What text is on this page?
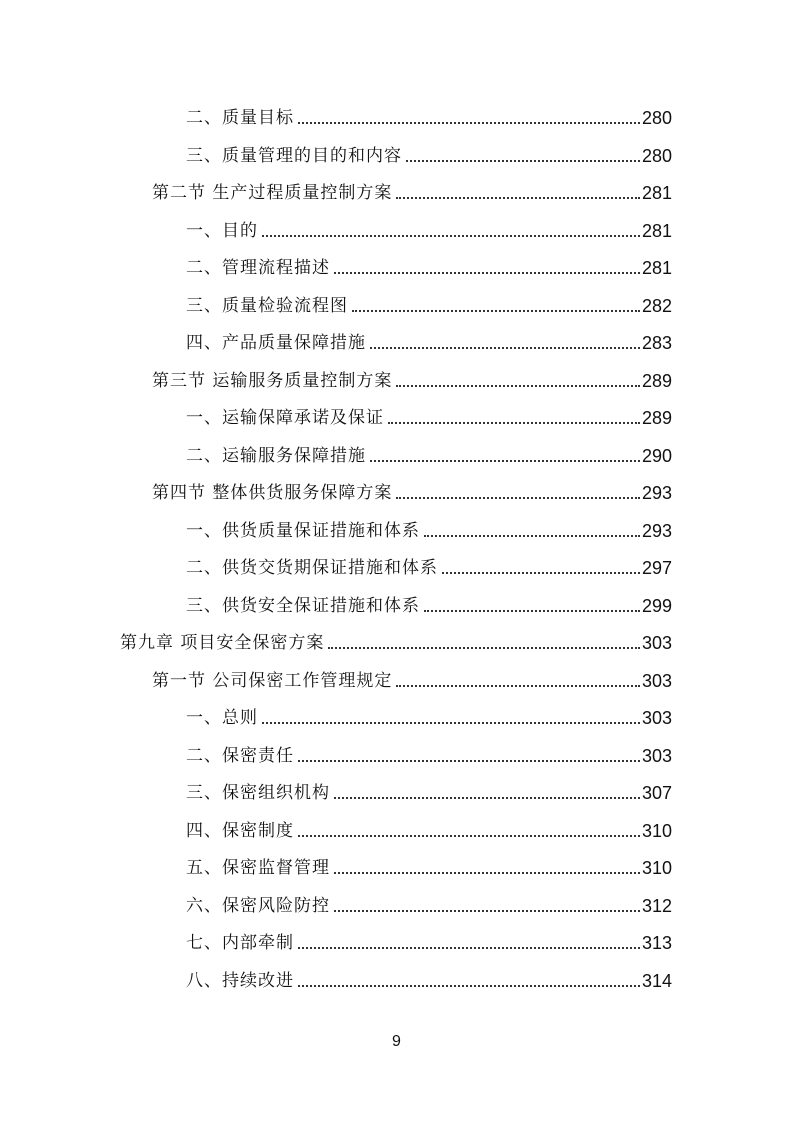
二、质量目标	280
三、质量管理的目的和内容	280
第二节 生产过程质量控制方案	281
一、目的	281
二、管理流程描述	281
三、质量检验流程图	282
四、产品质量保障措施	283
第三节 运输服务质量控制方案	289
一、运输保障承诺及保证	289
二、运输服务保障措施	290
第四节 整体供货服务保障方案	293
一、供货质量保证措施和体系	293
二、供货交货期保证措施和体系	297
三、供货安全保证措施和体系	299
第九章 项目安全保密方案	303
第一节 公司保密工作管理规定	303
一、总则	303
二、保密责任	303
三、保密组织机构	307
四、保密制度	310
五、保密监督管理	310
六、保密风险防控	312
七、内部牵制	313
八、持续改进	314
9
